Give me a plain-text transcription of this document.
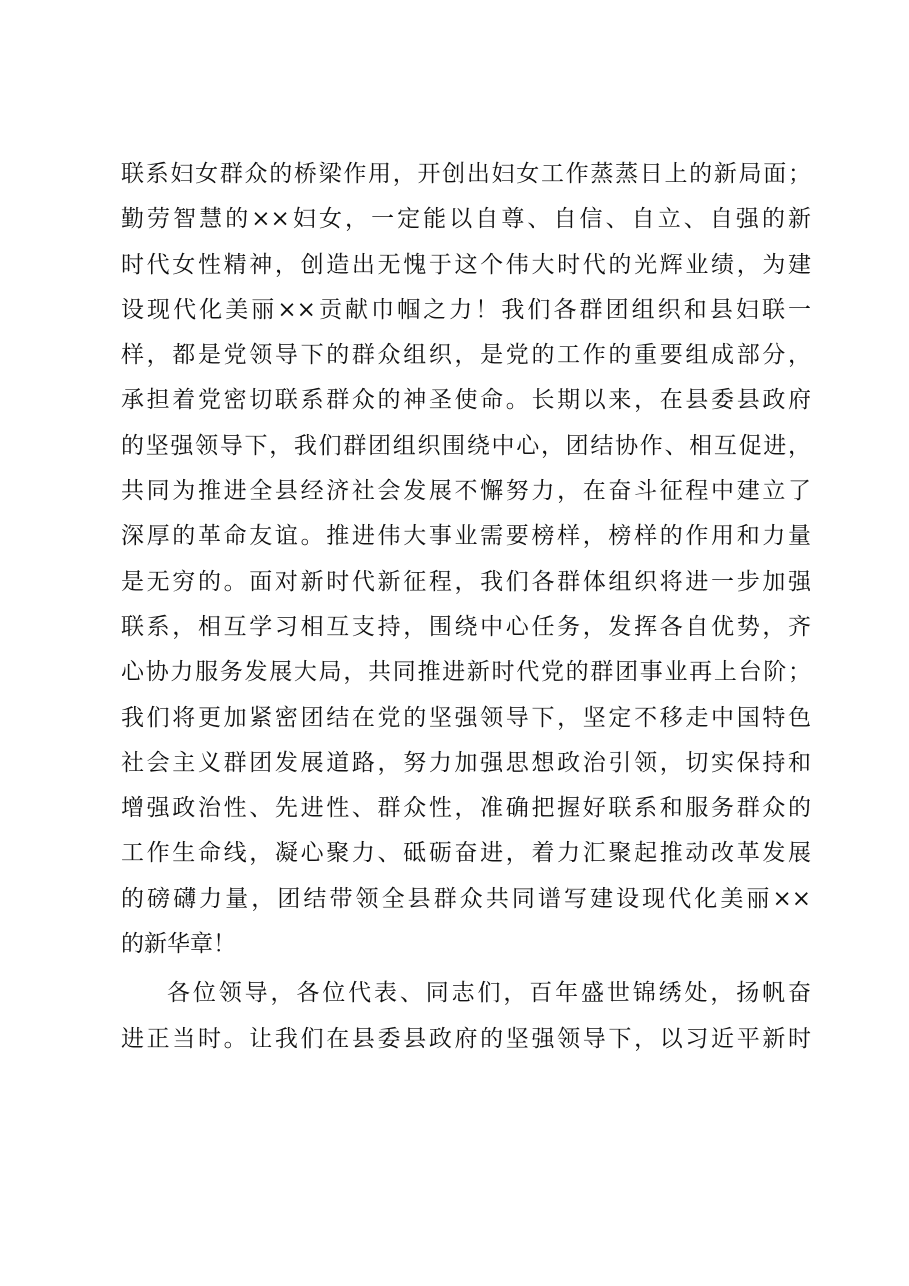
联系妇女群众的桥梁作用，开创出妇女工作蒸蒸日上的新局面；
勤劳智慧的××妇女，一定能以自尊、自信、自立、自强的新
时代女性精神，创造出无愧于这个伟大时代的光辉业绩，为建
设现代化美丽××贡献巾帼之力！我们各群团组织和县妇联一
样，都是党领导下的群众组织，是党的工作的重要组成部分，
承担着党密切联系群众的神圣使命。长期以来，在县委县政府
的坚强领导下，我们群团组织围绕中心，团结协作、相互促进，
共同为推进全县经济社会发展不懈努力，在奋斗征程中建立了
深厚的革命友谊。推进伟大事业需要榜样，榜样的作用和力量
是无穷的。面对新时代新征程，我们各群体组织将进一步加强
联系，相互学习相互支持，围绕中心任务，发挥各自优势，齐
心协力服务发展大局，共同推进新时代党的群团事业再上台阶；
我们将更加紧密团结在党的坚强领导下，坚定不移走中国特色
社会主义群团发展道路，努力加强思想政治引领，切实保持和
增强政治性、先进性、群众性，准确把握好联系和服务群众的
工作生命线，凝心聚力、砥砺奋进，着力汇聚起推动改革发展
的磅礴力量，团结带领全县群众共同谱写建设现代化美丽××
的新华章！
各位领导，各位代表、同志们，百年盛世锦绣处，扬帆奋
进正当时。让我们在县委县政府的坚强领导下，以习近平新时
